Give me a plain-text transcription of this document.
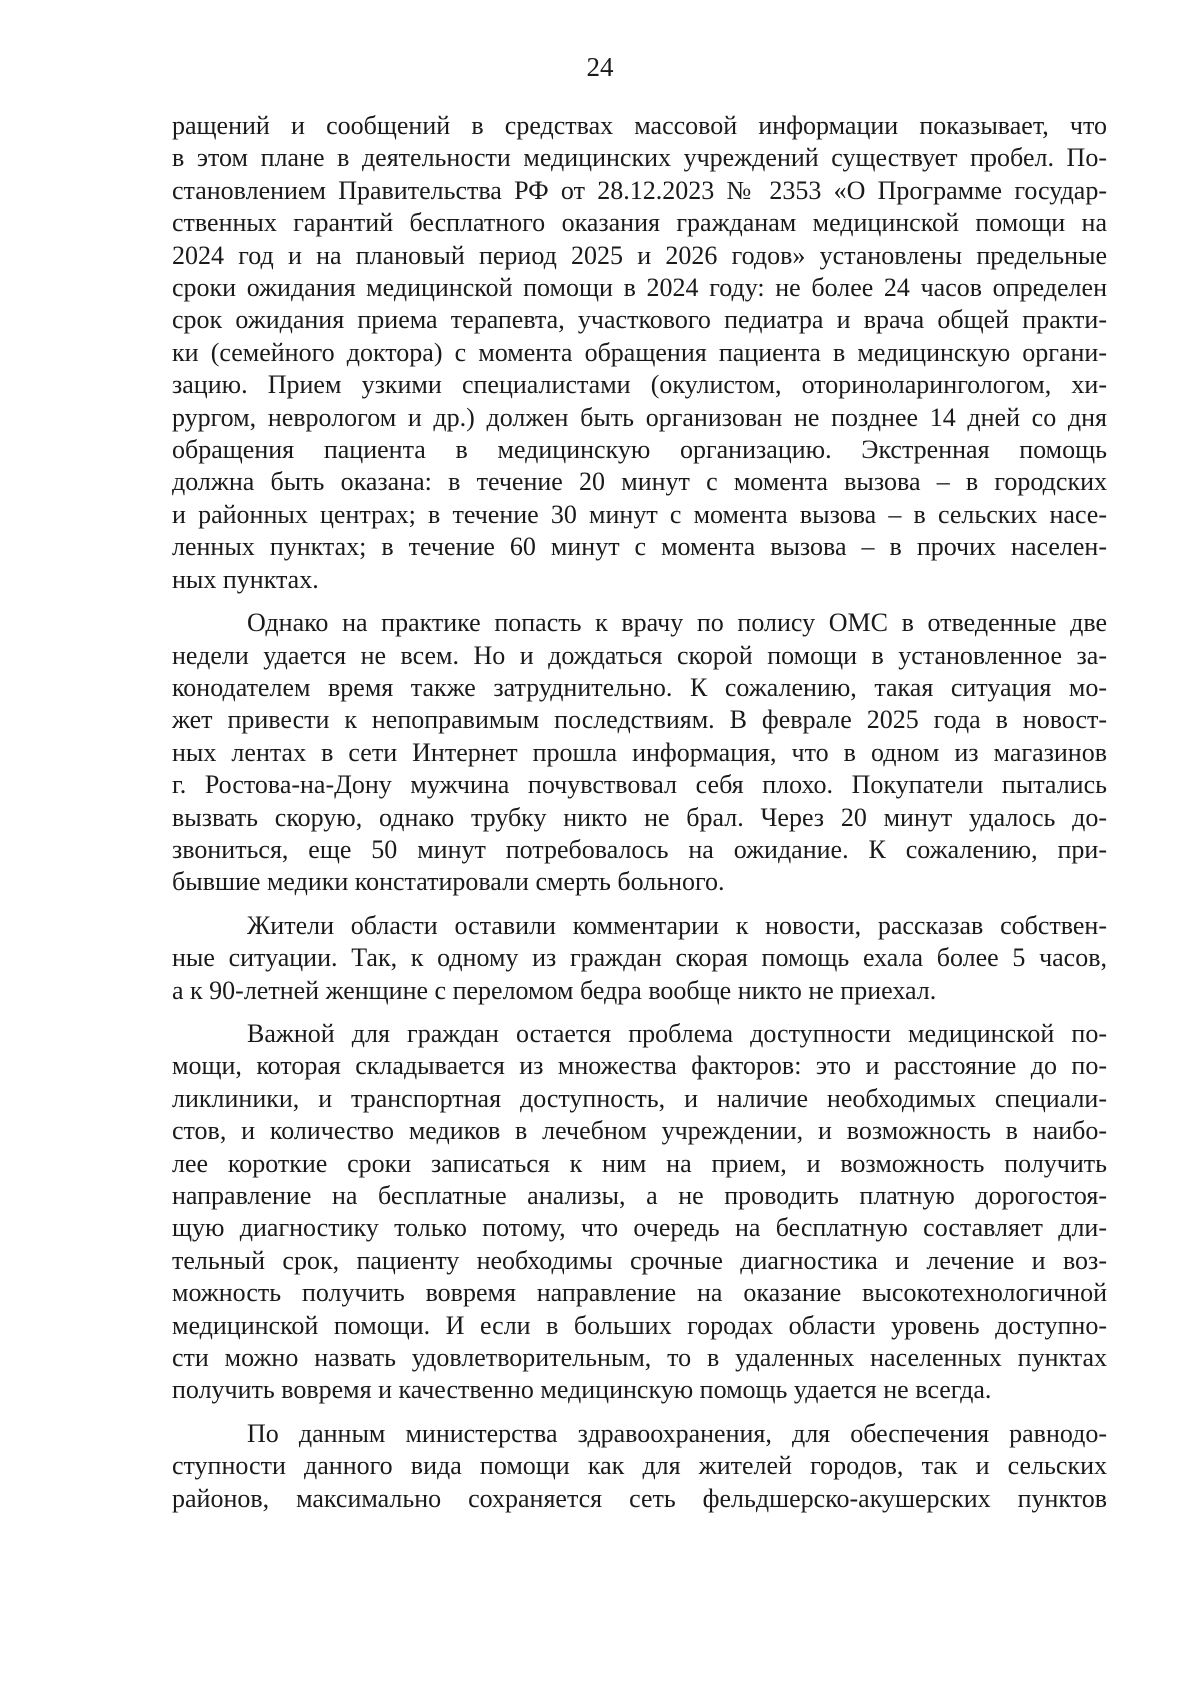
24
ращений и сообщений в средствах массовой информации показывает, что
в этом плане в деятельности медицинских учреждений существует пробел. По-
становлением Правительства РФ от 28.12.2023 № 2353 «О Программе государ-
ственных гарантий бесплатного оказания гражданам медицинской помощи на
2024 год и на плановый период 2025 и 2026 годов» установлены предельные
сроки ожидания медицинской помощи в 2024 году: не более 24 часов определен
срок ожидания приема терапевта, участкового педиатра и врача общей практи-
ки (семейного доктора) с момента обращения пациента в медицинскую органи-
зацию. Прием узкими специалистами (окулистом, оториноларингологом, хи-
рургом, неврологом и др.) должен быть организован не позднее 14 дней со дня
обращения пациента в медицинскую организацию. Экстренная помощь
должна быть оказана: в течение 20 минут с момента вызова – в городских
и районных центрах; в течение 30 минут с момента вызова – в сельских насе-
ленных пунктах; в течение 60 минут с момента вызова – в прочих населен-
ных пунктах.
Однако на практике попасть к врачу по полису ОМС в отведенные две
недели удается не всем. Но и дождаться скорой помощи в установленное за-
конодателем время также затруднительно. К сожалению, такая ситуация мо-
жет привести к непоправимым последствиям. В феврале 2025 года в новост-
ных лентах в сети Интернет прошла информация, что в одном из магазинов
г. Ростова-на-Дону мужчина почувствовал себя плохо. Покупатели пытались
вызвать скорую, однако трубку никто не брал. Через 20 минут удалось до-
звониться, еще 50 минут потребовалось на ожидание. К сожалению, при-
бывшие медики констатировали смерть больного.
Жители области оставили комментарии к новости, рассказав собствен-
ные ситуации. Так, к одному из граждан скорая помощь ехала более 5 часов,
а к 90-летней женщине с переломом бедра вообще никто не приехал.
Важной для граждан остается проблема доступности медицинской по-
мощи, которая складывается из множества факторов: это и расстояние до по-
ликлиники, и транспортная доступность, и наличие необходимых специали-
стов, и количество медиков в лечебном учреждении, и возможность в наибо-
лее короткие сроки записаться к ним на прием, и возможность получить
направление на бесплатные анализы, а не проводить платную дорогостоя-
щую диагностику только потому, что очередь на бесплатную составляет дли-
тельный срок, пациенту необходимы срочные диагностика и лечение и воз-
можность получить вовремя направление на оказание высокотехнологичной
медицинской помощи. И если в больших городах области уровень доступно-
сти можно назвать удовлетворительным, то в удаленных населенных пунктах
получить вовремя и качественно медицинскую помощь удается не всегда.
По данным министерства здравоохранения, для обеспечения равнодо-
ступности данного вида помощи как для жителей городов, так и сельских
районов, максимально сохраняется сеть фельдшерско-акушерских пунктов
